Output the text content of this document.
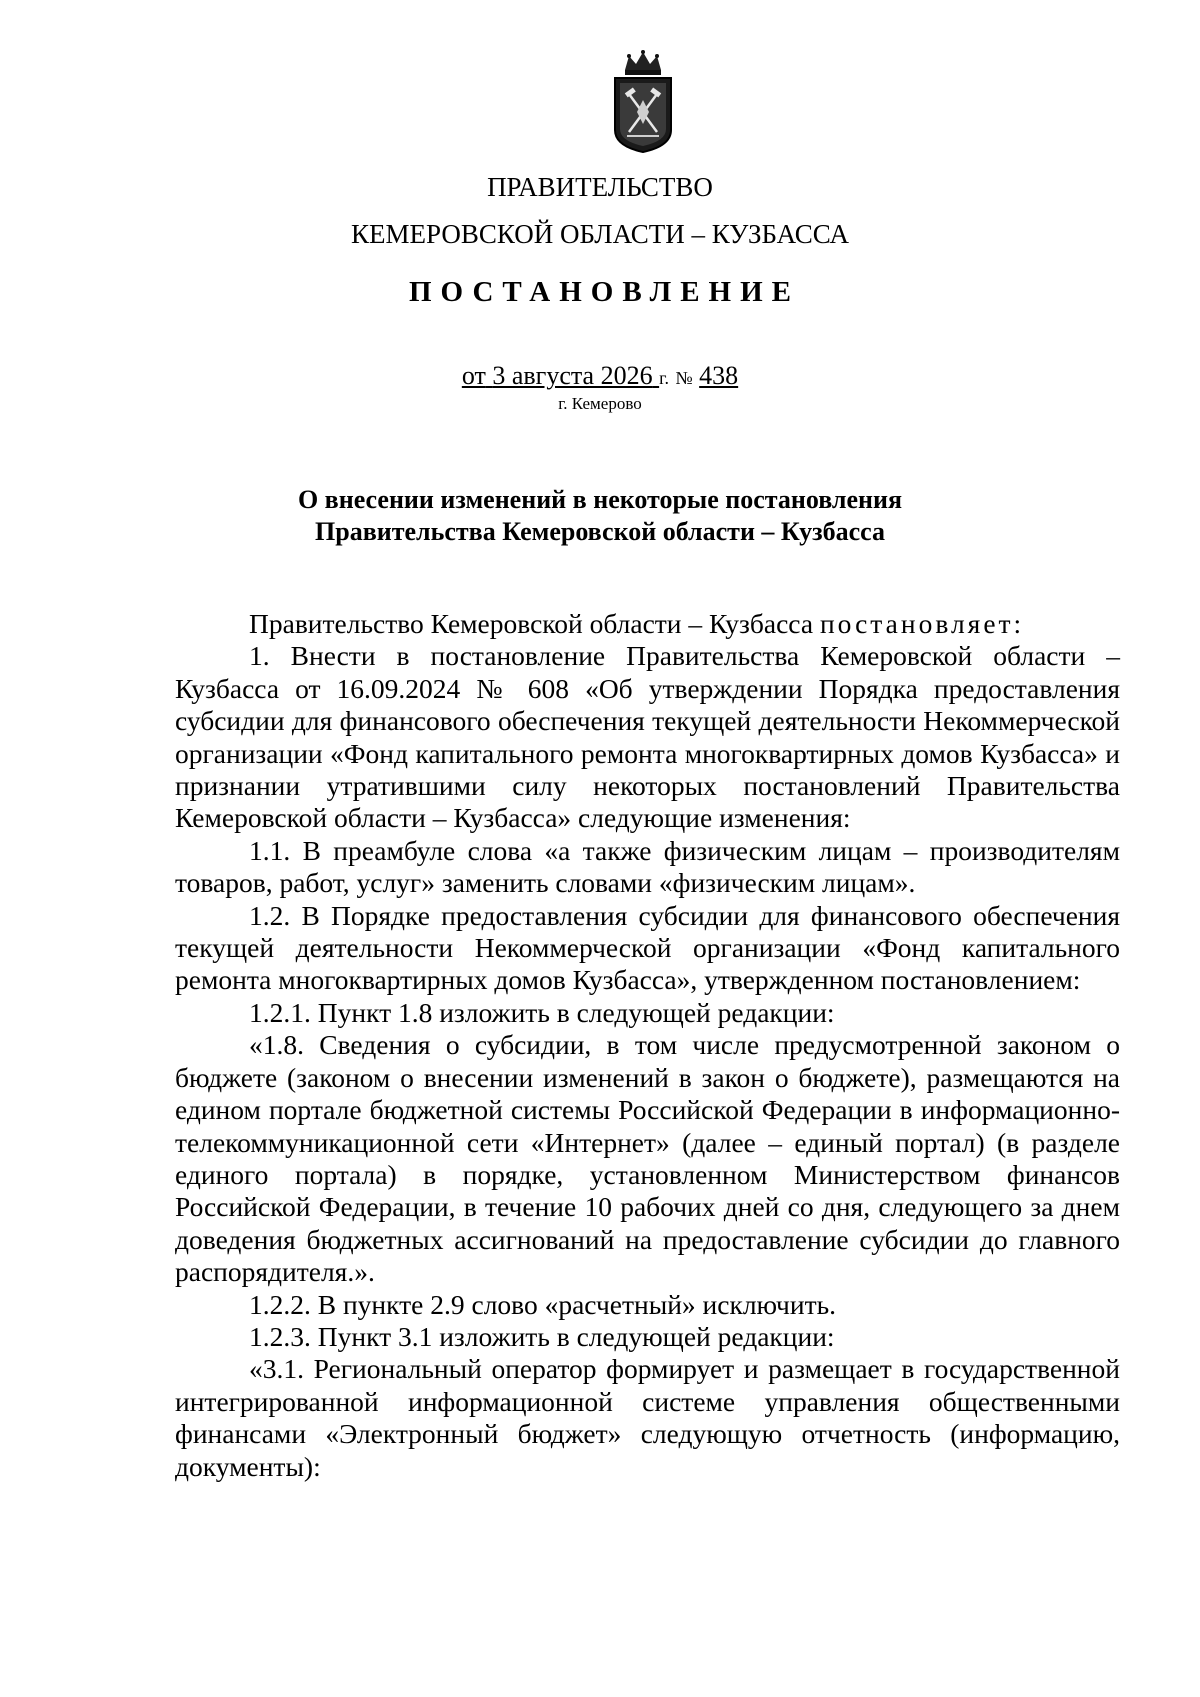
ПРАВИТЕЛЬСТВО
КЕМЕРОВСКОЙ ОБЛАСТИ – КУЗБАССА
ПОСТАНОВЛЕНИЕ
от 3 августа 2026 г. № 438
г. Кемерово
О внесении изменений в некоторые постановления
Правительства Кемеровской области – Кузбасса

Правительство Кемеровской области – Кузбасса постановляет:

1. Внести в постановление Правительства Кемеровской области – Кузбасса от 16.09.2024 № 608 «Об утверждении Порядка предоставления субсидии для финансового обеспечения текущей деятельности Некоммерческой организации «Фонд капитального ремонта многоквартирных домов Кузбасса» и признании утратившими силу некоторых постановлений Правительства Кемеровской области – Кузбасса» следующие изменения:

1.1. В преамбуле слова «а также физическим лицам – производителям товаров, работ, услуг» заменить словами «физическим лицам».

1.2. В Порядке предоставления субсидии для финансового обеспечения текущей деятельности Некоммерческой организации «Фонд капитального ремонта многоквартирных домов Кузбасса», утвержденном постановлением:

1.2.1. Пункт 1.8 изложить в следующей редакции:

«1.8. Сведения о субсидии, в том числе предусмотренной законом о бюджете (законом о внесении изменений в закон о бюджете), размещаются на едином портале бюджетной системы Российской Федерации в информационно-телекоммуникационной сети «Интернет» (далее – единый портал) (в разделе единого портала) в порядке, установленном Министерством финансов Российской Федерации, в течение 10 рабочих дней со дня, следующего за днем доведения бюджетных ассигнований на предоставление субсидии до главного распорядителя.».

1.2.2. В пункте 2.9 слово «расчетный» исключить.

1.2.3. Пункт 3.1 изложить в следующей редакции:

«3.1. Региональный оператор формирует и размещает в государственной интегрированной информационной системе управления общественными финансами «Электронный бюджет» следующую отчетность (информацию, документы):
